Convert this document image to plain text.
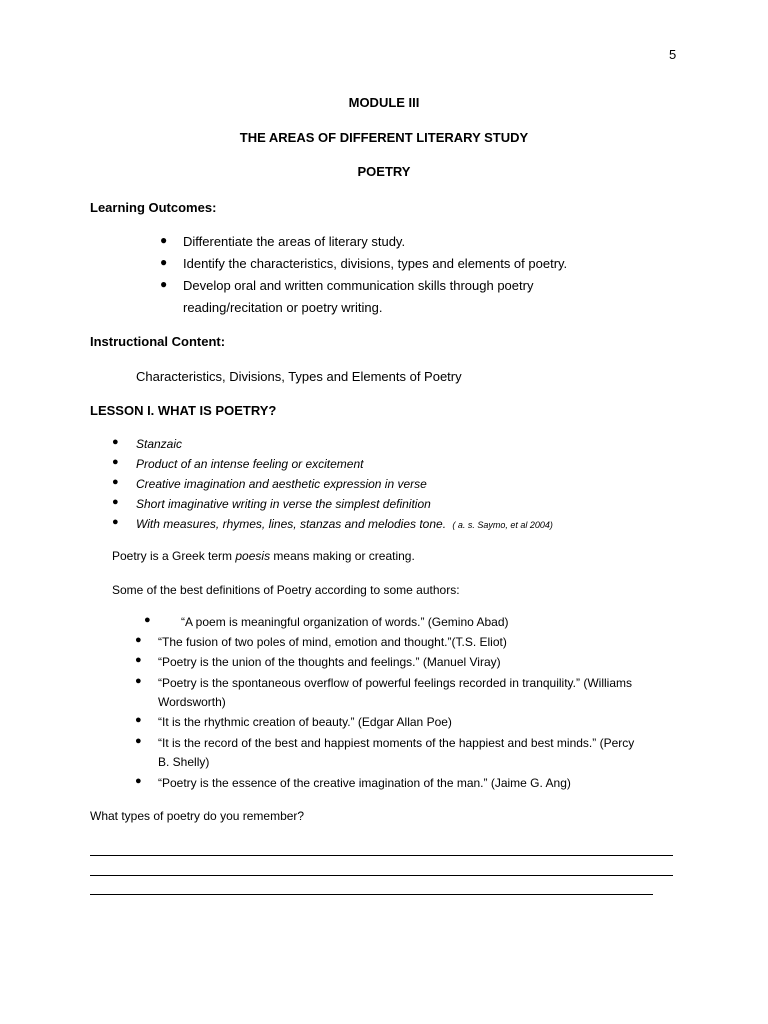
5
MODULE III
THE AREAS OF DIFFERENT LITERARY STUDY
POETRY
Learning Outcomes:
● Differentiate the areas of literary study.
● Identify the characteristics, divisions, types and elements of poetry.
● Develop oral and written communication skills through poetry
reading/recitation or poetry writing.
Instructional Content:
Characteristics, Divisions, Types and Elements of Poetry
LESSON I. WHAT IS POETRY?
● Stanzaic
● Product of an intense feeling or excitement
● Creative imagination and aesthetic expression in verse
● Short imaginative writing in verse the simplest definition
● With measures, rhymes, lines, stanzas and melodies tone. ( a. s. Saymo, et al 2004)
Poetry is a Greek term poesis means making or creating.
Some of the best definitions of Poetry according to some authors:
●	“A poem is meaningful organization of words.” (Gemino Abad)
● “The fusion of two poles of mind, emotion and thought.”(T.S. Eliot)
● “Poetry is the union of the thoughts and feelings.” (Manuel Viray)
● “Poetry is the spontaneous overflow of powerful feelings recorded in tranquility.” (Williams
Wordsworth)
● “It is the rhythmic creation of beauty.” (Edgar Allan Poe)
● “It is the record of the best and happiest moments of the happiest and best minds.” (Percy
B. Shelly)
● “Poetry is the essence of the creative imagination of the man.” (Jaime G. Ang)
What types of poetry do you remember?
